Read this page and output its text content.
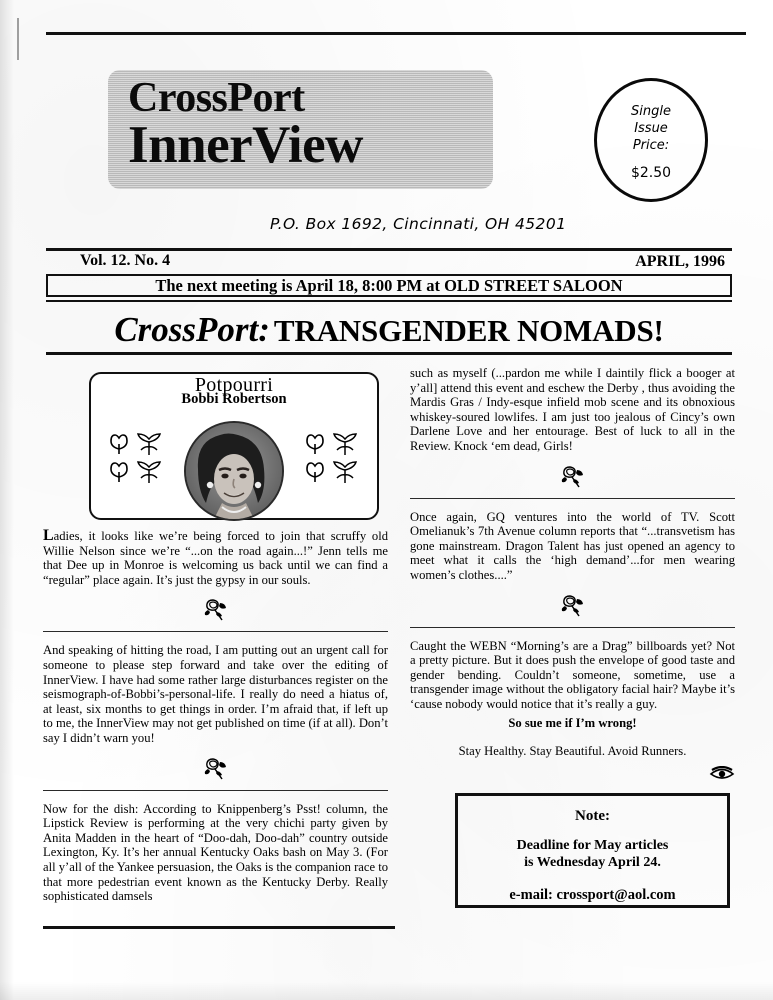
CrossPort
InnerView
Single
Issue
Price:
$2.50
P.O. Box 1692, Cincinnati, OH 45201
Vol. 12. No. 4	APRIL, 1996
The next meeting is April 18, 8:00 PM at OLD STREET SALOON
CrossPort: TRANSGENDER NOMADS!
Potpourri
Bobbi Robertson

Ladies, it looks like we’re being forced to join that scruffy old Willie Nelson since we’re “...on the road again...!” Jenn tells me that Dee up in Monroe is welcoming us back until we can find a “regular” place again. It’s just the gypsy in our souls.

And speaking of hitting the road, I am putting out an urgent call for someone to please step forward and take over the editing of InnerView. I have had some rather large disturbances register on the seismograph-of-Bobbi’s-personal-life. I really do need a hiatus of, at least, six months to get things in order. I’m afraid that, if left up to me, the InnerView may not get published on time (if at all). Don’t say I didn’t warn you!

Now for the dish: According to Knippenberg’s Psst! column, the Lipstick Review is performing at the very chichi party given by Anita Madden in the heart of “Doo-dah, Doo-dah” country outside Lexington, Ky. It’s her annual Kentucky Oaks bash on May 3. (For all y’all of the Yankee persuasion, the Oaks is the companion race to that more pedestrian event known as the Kentucky Derby. Really sophisticated damsels

such as myself (...pardon me while I daintily flick a booger at y’all] attend this event and eschew the Derby , thus avoiding the Mardis Gras / Indy-esque infield mob scene and its obnoxious whiskey-soured lowlifes. I am just too jealous of Cincy’s own Darlene Love and her entourage. Best of luck to all in the Review. Knock ‘em dead, Girls!

Once again, GQ ventures into the world of TV. Scott Omelianuk’s 7th Avenue column reports that “...transvetism has gone mainstream. Dragon Talent has just opened an agency to meet what it calls the ‘high demand’...for men wearing women’s clothes....”

Caught the WEBN “Morning’s are a Drag” billboards yet? Not a pretty picture. But it does push the envelope of good taste and gender bending. Couldn’t someone, sometime, use a transgender image without the obligatory facial hair? Maybe it’s ‘cause nobody would notice that it’s really a guy.

So sue me if I’m wrong!

Stay Healthy. Stay Beautiful. Avoid Runners.

Note:
Deadline for May articles
is Wednesday April 24.
e-mail: crossport@aol.com
